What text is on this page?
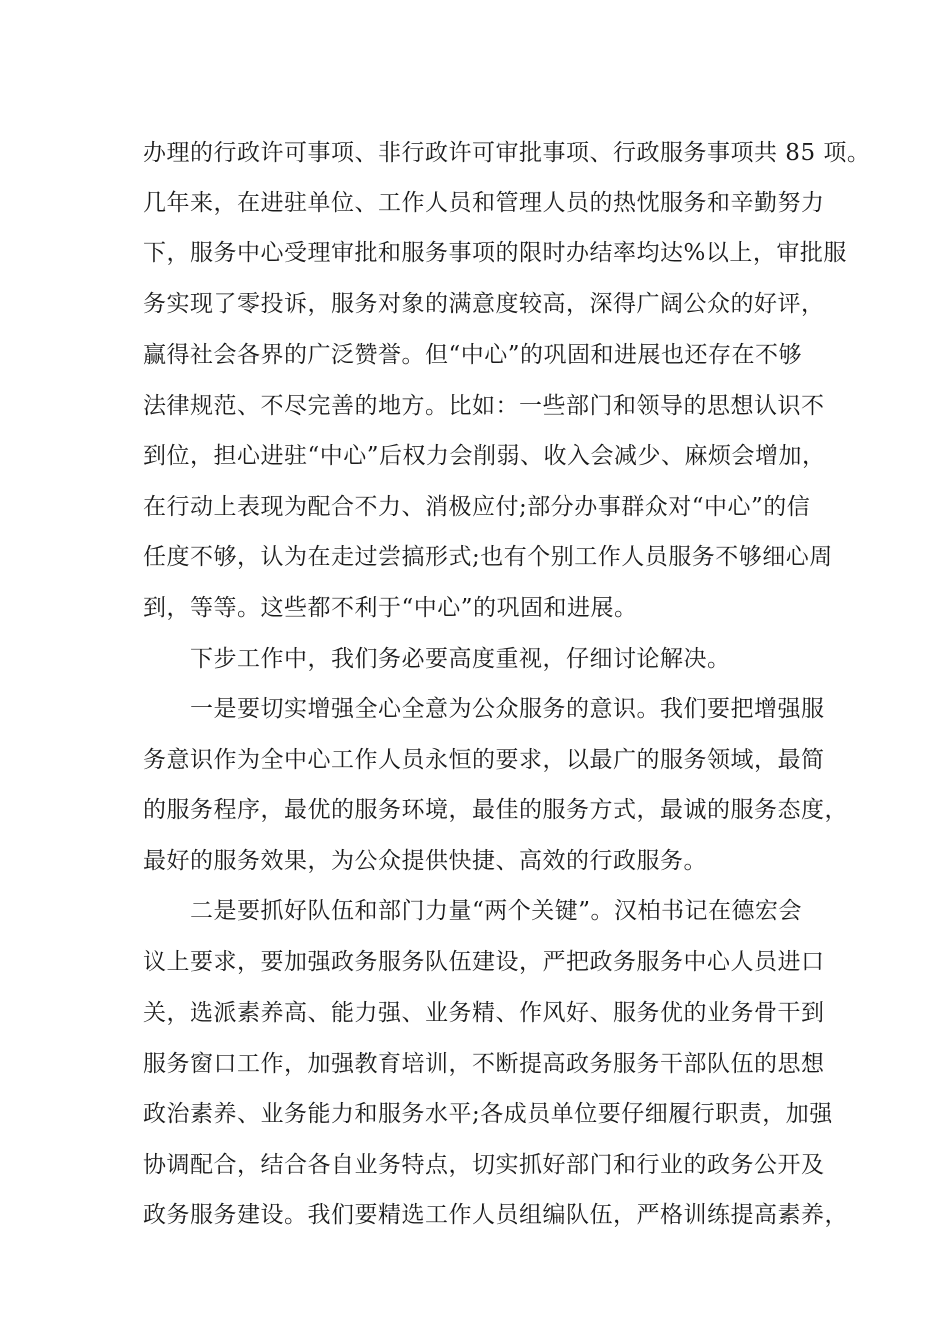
办理的行政许可事项、非行政许可审批事项、行政服务事项共 85 项。
几年来，在进驻单位、工作人员和管理人员的热忱服务和辛勤努力
下，服务中心受理审批和服务事项的限时办结率均达%以上，审批服
务实现了零投诉，服务对象的满意度较高，深得广阔公众的好评，
赢得社会各界的广泛赞誉。但“中心”的巩固和进展也还存在不够
法律规范、不尽完善的地方。比如：一些部门和领导的思想认识不
到位，担心进驻“中心”后权力会削弱、收入会减少、麻烦会增加，
在行动上表现为配合不力、消极应付;部分办事群众对“中心”的信
任度不够，认为在走过尝搞形式;也有个别工作人员服务不够细心周
到，等等。这些都不利于“中心”的巩固和进展。
下步工作中，我们务必要高度重视，仔细讨论解决。
一是要切实增强全心全意为公众服务的意识。我们要把增强服
务意识作为全中心工作人员永恒的要求，以最广的服务领域，最简
的服务程序，最优的服务环境，最佳的服务方式，最诚的服务态度，
最好的服务效果，为公众提供快捷、高效的行政服务。
二是要抓好队伍和部门力量“两个关键”。汉柏书记在德宏会
议上要求，要加强政务服务队伍建设，严把政务服务中心人员进口
关，选派素养高、能力强、业务精、作风好、服务优的业务骨干到
服务窗口工作，加强教育培训，不断提高政务服务干部队伍的思想
政治素养、业务能力和服务水平;各成员单位要仔细履行职责，加强
协调配合，结合各自业务特点，切实抓好部门和行业的政务公开及
政务服务建设。我们要精选工作人员组编队伍，严格训练提高素养，
